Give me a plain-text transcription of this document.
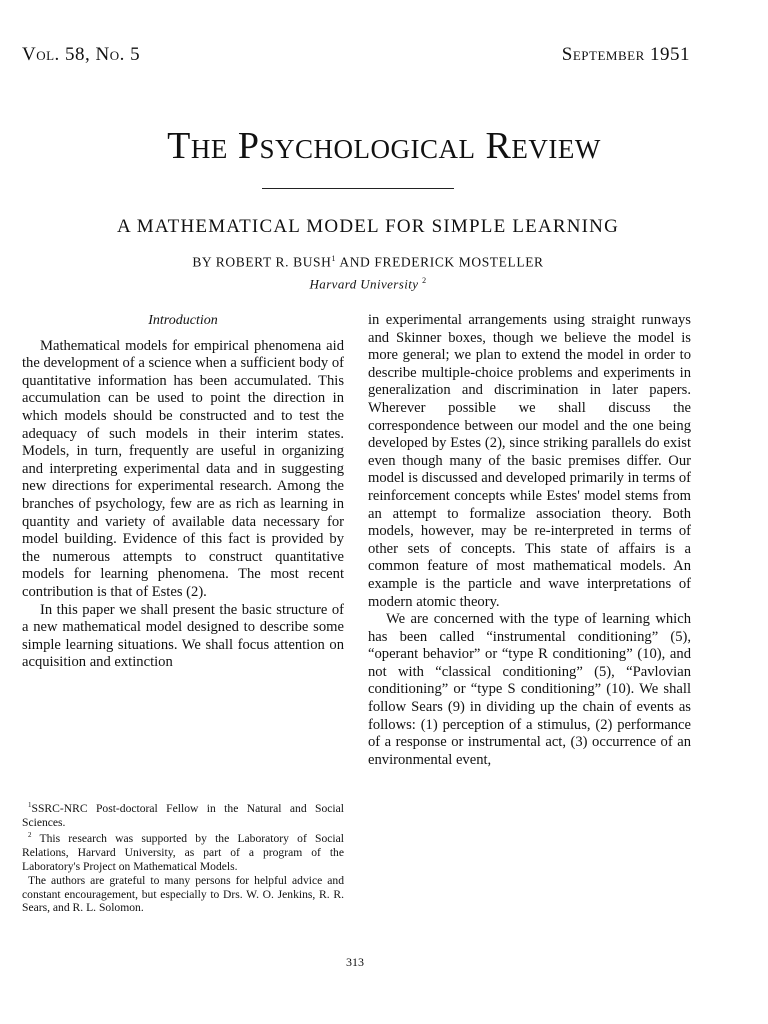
Vol. 58, No. 5	September 1951
The Psychological Review
A MATHEMATICAL MODEL FOR SIMPLE LEARNING
BY ROBERT R. BUSH$^1$ AND FREDERICK MOSTELLER
Harvard University $^2$
Introduction

Mathematical models for empirical phenomena aid the development of a science when a sufficient body of quantitative information has been accumulated. This accumulation can be used to point the direction in which models should be constructed and to test the adequacy of such models in their interim states. Models, in turn, frequently are useful in organizing and interpreting experimental data and in suggesting new directions for experimental research. Among the branches of psychology, few are as rich as learning in quantity and variety of available data necessary for model building. Evidence of this fact is provided by the numerous attempts to construct quantitative models for learning phenomena. The most recent contribution is that of Estes (2).

In this paper we shall present the basic structure of a new mathematical model designed to describe some simple learning situations. We shall focus attention on acquisition and extinction

in experimental arrangements using straight runways and Skinner boxes, though we believe the model is more general; we plan to extend the model in order to describe multiple-choice problems and experiments in generalization and discrimination in later papers. Wherever possible we shall discuss the correspondence between our model and the one being developed by Estes (2), since striking parallels do exist even though many of the basic premises differ. Our model is discussed and developed primarily in terms of reinforcement concepts while Estes' model stems from an attempt to formalize association theory. Both models, however, may be re-interpreted in terms of other sets of concepts. This state of affairs is a common feature of most mathematical models. An example is the particle and wave interpretations of modern atomic theory.

We are concerned with the type of learning which has been called “instrumental conditioning” (5), “operant behavior” or “type R conditioning” (10), and not with “classical conditioning” (5), “Pavlovian conditioning” or “type S conditioning” (10). We shall follow Sears (9) in dividing up the chain of events as follows: (1) perception of a stimulus, (2) performance of a response or instrumental act, (3) occurrence of an environmental event,

$^1$SSRC-NRC Post-doctoral Fellow in the Natural and Social Sciences.

$^2$ This research was supported by the Laboratory of Social Relations, Harvard University, as part of a program of the Laboratory's Project on Mathematical Models.

The authors are grateful to many persons for helpful advice and constant encouragement, but especially to Drs. W. O. Jenkins, R. R. Sears, and R. L. Solomon.

313
